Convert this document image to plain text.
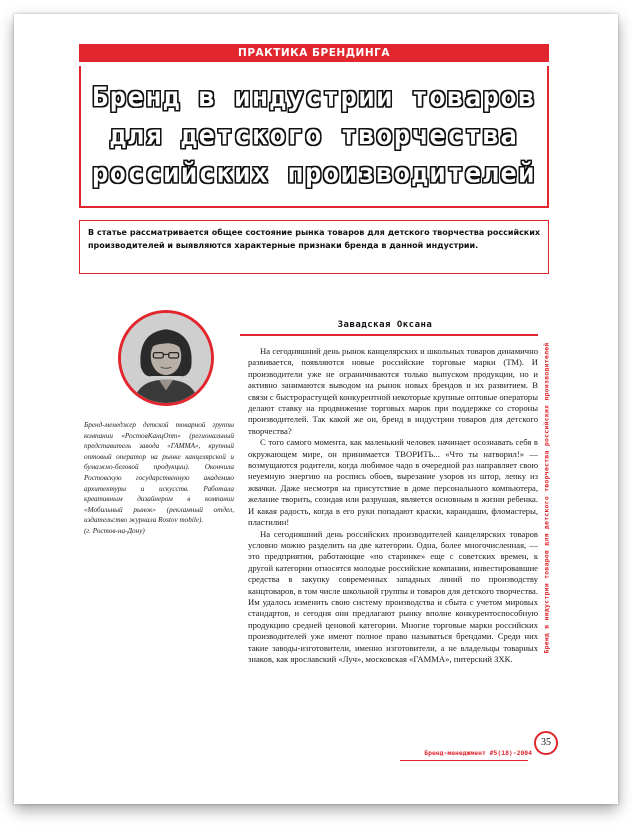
ПРАКТИКА БРЕНДИНГА
Бренд в индустрии товаров
для детского творчества
российских производителей
В статье рассматривается общее состояние рынка товаров для детского творчества российских производителей и выявляются характерные признаки бренда в данной индустрии.
Завадская Оксана

Бренд-менеджер детской товарной группы компании «РостовКанцОпт» (региональный представитель завода «ГАММА», крупный оптовый оператор на рынке канцелярской и бумажно-беловой продукции). Окончила Ростовскую государственную академию архитектуры и искусств. Работала креативным дизайнером в компании «Мобильный рынок» (рекламный отдел, издательство журнала Rostov mobile).

(г. Ростов-на-Дону)

На сегодняшний день рынок канцелярских и школьных товаров динамично развивается, появляются новые российские торговые марки (ТМ). И производители уже не ограничиваются только выпуском продукции, но и активно занимаются выводом на рынок новых брендов и их развитием. В связи с быстрорастущей конкурентной некоторые крупные оптовые операторы делают ставку на продвижение торговых марок при поддержке со стороны производителей. Так какой же он, бренд в индустрии товаров для детского творчества?

С того самого момента, как маленький человек начинает осознавать себя в окружающем мире, он принимается ТВОРИТЬ... «Что ты натворил!» — возмущаются родители, когда любимое чадо в очередной раз направляет свою неуемную энергию на роспись обоев, вырезание узоров из штор, лепку из жвачки. Даже несмотря на присутствие в доме персонального компьютера, желание творить, созидая или разрушая, является основным в жизни ребенка. И какая радость, когда в его руки попадают краски, карандаши, фломастеры, пластилин!

На сегодняшний день российских производителей канцелярских товаров условно можно разделить на две категории. Одна, более многочисленная, — это предприятия, работающие «по старинке» еще с советских времен, к другой категории относятся молодые российские компании, инвестировавшие средства в закупку современных западных линий по производству канцтоваров, в том числе школьной группы и товаров для детского творчества. Им удалось изменить свою систему производства и сбыта с учетом мировых стандартов, и сегодня они предлагают рынку вполне конкурентоспособную продукцию средней ценовой категории. Многие торговые марки российских производителей уже имеют полное право называться брендами. Среди них такие заводы-изготовители, именно изготовители, а не владельцы товарных знаков, как ярославский «Луч», московская «ГАММА», питерский ЗХК.

Бренд в индустрии товаров для детского творчества российских производителей
Бренд-менеджмент #5(18)-2004
35
